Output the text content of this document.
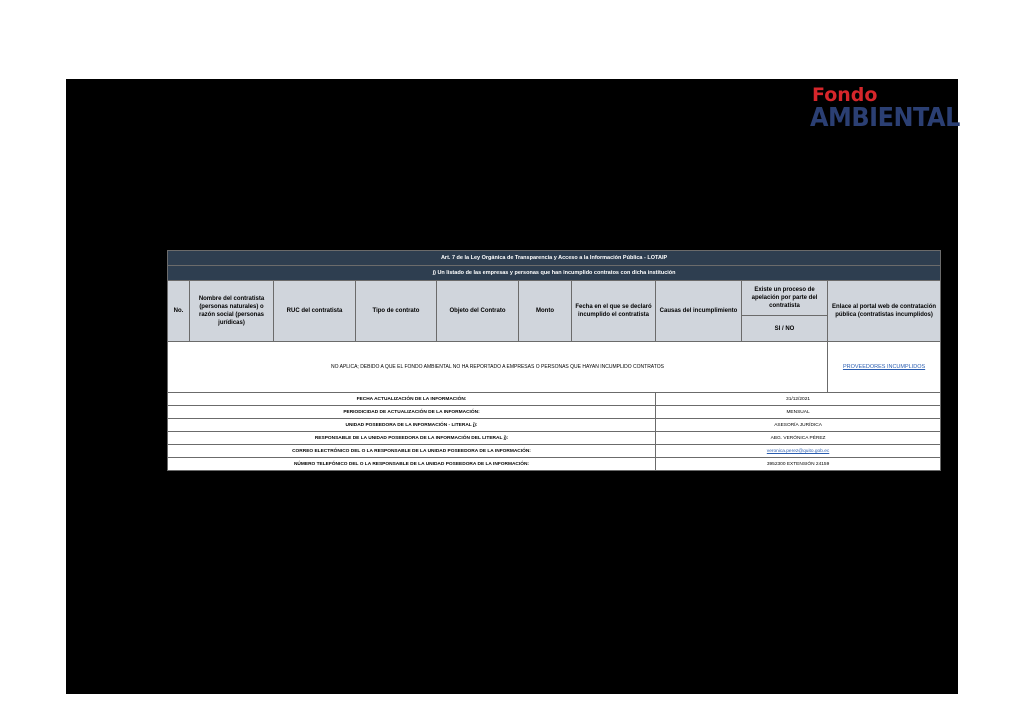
Fondo
AMBIENTAL
Art. 7 de la Ley Orgánica de Transparencia y Acceso a la Información Pública - LOTAIP									
j) Un listado de las empresas y personas que han incumplido contratos con dicha institución									
No.	Nombre del contratista (personas naturales) o razón social (personas jurídicas)	RUC del contratista	Tipo de contrato	Objeto del Contrato	Monto	Fecha en el que se declaró incumplido el contratista	Causas del incumplimiento	Existe un proceso de apelación por parte del contratista	Enlace al portal web de contratación pública (contratistas incumplidos)
								SI / NO	
NO APLICA; DEBIDO A QUE EL FONDO AMBIENTAL NO HA REPORTADO A EMPRESAS O PERSONAS QUE HAYAN INCUMPLIDO CONTRATOS									PROVEEDORES INCUMPLIDOS
FECHA ACTUALIZACIÓN DE LA INFORMACIÓN:							31/12/2021		
PERIODICIDAD DE ACTUALIZACIÓN DE LA INFORMACIÓN:							MENSUAL		
UNIDAD POSEEDORA DE LA INFORMACIÓN - LITERAL j):							ASESORÍA JURÍDICA		
RESPONSABLE DE LA UNIDAD POSEEDORA DE LA INFORMACIÓN DEL LITERAL j):							ABG. VERÓNICA PÉREZ		
CORREO ELECTRÓNICO DEL O LA RESPONSABLE DE LA UNIDAD POSEEDORA DE LA INFORMACIÓN:							veronica.perez@quito.gob.ec		
NÚMERO TELEFÓNICO DEL O LA RESPONSABLE DE LA UNIDAD POSEEDORA DE LA INFORMACIÓN:							3952300 EXTENSIÓN 24159		
